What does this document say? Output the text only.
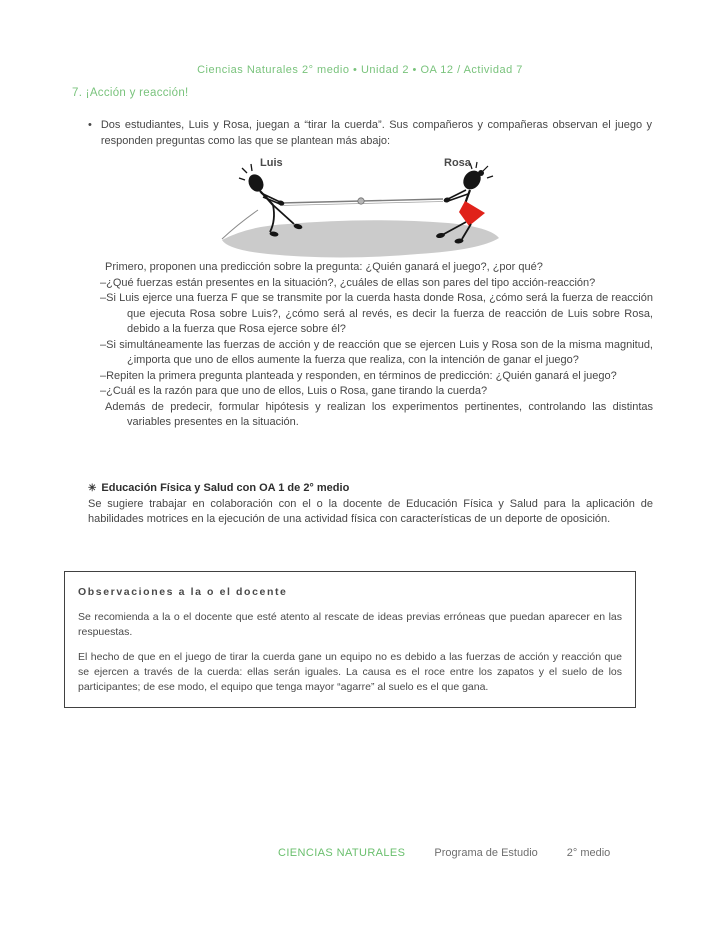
Ciencias Naturales 2° medio • Unidad 2 • OA 12 / Actividad 7
7. ¡Acción y reacción!
• Dos estudiantes, Luis y Rosa, juegan a “tirar la cuerda”. Sus compañeros y compañeras observan el juego y responden preguntas como las que se plantean más abajo:
Luis	Rosa

Primero, proponen una predicción sobre la pregunta: ¿Quién ganará el juego?, ¿por qué?

–¿Qué fuerzas están presentes en la situación?, ¿cuáles de ellas son pares del tipo acción-reacción?

–Si Luis ejerce una fuerza F que se transmite por la cuerda hasta donde Rosa, ¿cómo será la fuerza de reacción que ejecuta Rosa sobre Luis?, ¿cómo será al revés, es decir la fuerza de reacción de Luis sobre Rosa, debido a la fuerza que Rosa ejerce sobre él?

–Si simultáneamente las fuerzas de acción y de reacción que se ejercen Luis y Rosa son de la misma magnitud, ¿importa que uno de ellos aumente la fuerza que realiza, con la intención de ganar el juego?

–Repiten la primera pregunta planteada y responden, en términos de predicción: ¿Quién ganará el juego?

–¿Cuál es la razón para que uno de ellos, Luis o Rosa, gane tirando la cuerda?

Además de predecir, formular hipótesis y realizan los experimentos pertinentes, controlando las distintas variables presentes en la situación.

✳ Educación Física y Salud con OA 1 de 2° medio

Se sugiere trabajar en colaboración con el o la docente de Educación Física y Salud para la aplicación de habilidades motrices en la ejecución de una actividad física con características de un deporte de oposición.

Observaciones a la o el docente

Se recomienda a la o el docente que esté atento al rescate de ideas previas erróneas que puedan aparecer en las respuestas.

El hecho de que en el juego de tirar la cuerda gane un equipo no es debido a las fuerzas de acción y reacción que se ejercen a través de la cuerda: ellas serán iguales. La causa es el roce entre los zapatos y el suelo de los participantes; de ese modo, el equipo que tenga mayor “agarre” al suelo es el que gana.

CIENCIAS NATURALES	Programa de Estudio	2° medio
